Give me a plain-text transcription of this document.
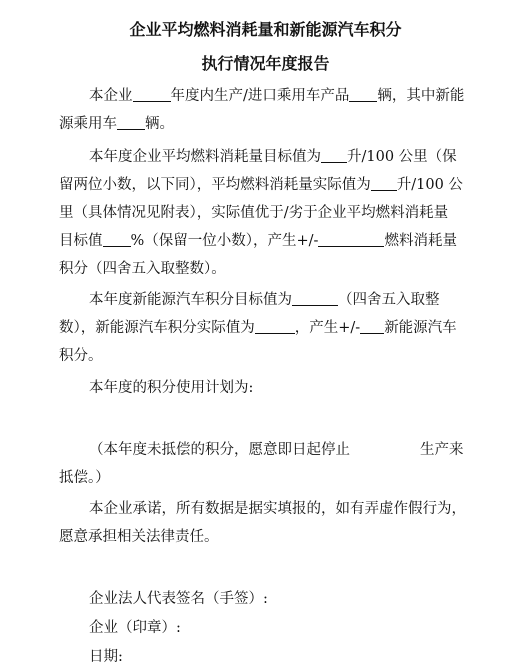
企业平均燃料消耗量和新能源汽车积分
执行情况年度报告
本企业	年度内生产/进口乘用车产品 辆，其中新能
源乘用车 辆。
本年度企业平均燃料消耗量目标值为 升/100 公里（保
留两位小数，以下同），平均燃料消耗量实际值为 升/100 公
里（具体情况见附表），实际值优于/劣于企业平均燃料消耗量
目标值 %（保留一位小数），产生+/-	燃料消耗量
积分（四舍五入取整数）。
本年度新能源汽车积分目标值为	（四舍五入取整
数），新能源汽车积分实际值为	，产生+/- 新能源汽车
积分。
本年度的积分使用计划为:
（本年度未抵偿的积分，愿意即日起停止	生产来
抵偿。）
本企业承诺，所有数据是据实填报的，如有弄虚作假行为，
愿意承担相关法律责任。
企业法人代表签名（手签）:
企业（印章）:
日期:
